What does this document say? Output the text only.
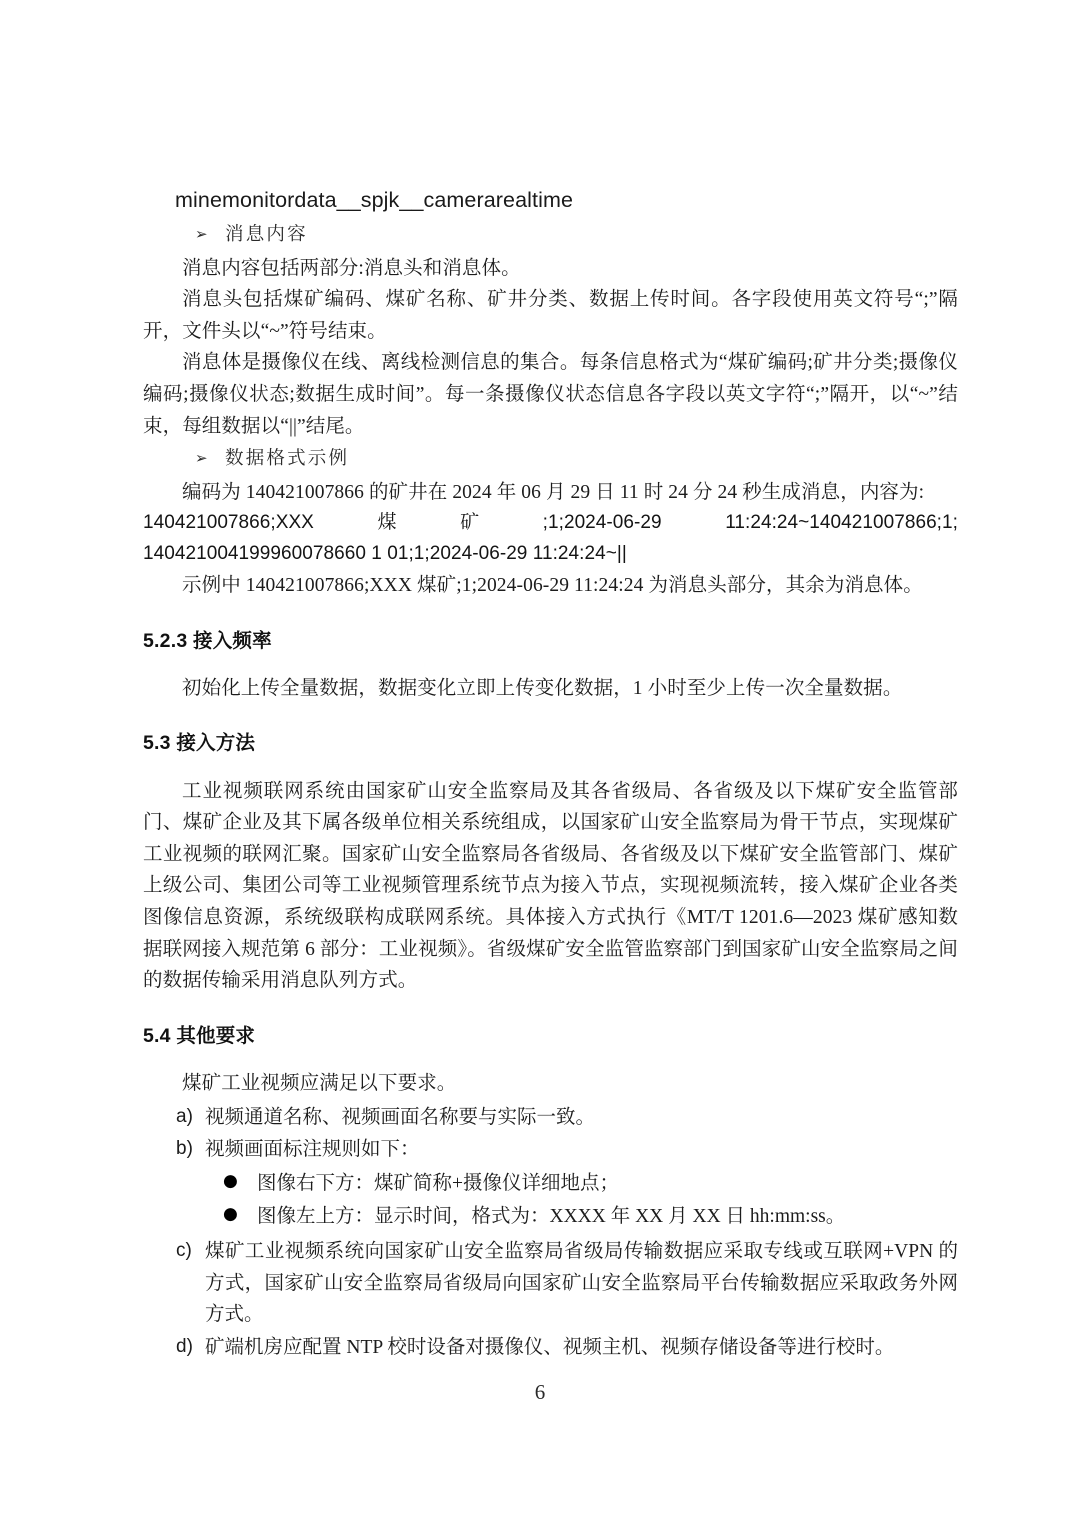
minemonitordata__spjk__camerarealtime
➢ 消息内容

消息内容包括两部分:消息头和消息体。

消息头包括煤矿编码、煤矿名称、矿井分类、数据上传时间。各字段使用英文符号“;”隔开，文件头以“~”符号结束。

消息体是摄像仪在线、离线检测信息的集合。每条信息格式为“煤矿编码;矿井分类;摄像仪编码;摄像仪状态;数据生成时间”。每一条摄像仪状态信息各字段以英文字符“;”隔开，以“~”结束，每组数据以“||”结尾。

➢ 数据格式示例

编码为 140421007866 的矿井在 2024 年 06 月 29 日 11 时 24 分 24 秒生成消息，内容为:

140421007866;XXX	煤	矿	;1;2024-06-29	11:24:24~140421007866;1;
140421004199960078660 1 01;1;2024-06-29 11:24:24~||

示例中 140421007866;XXX 煤矿;1;2024-06-29 11:24:24 为消息头部分，其余为消息体。

5.2.3 接入频率

初始化上传全量数据，数据变化立即上传变化数据，1 小时至少上传一次全量数据。

5.3 接入方法

工业视频联网系统由国家矿山安全监察局及其各省级局、各省级及以下煤矿安全监管部门、煤矿企业及其下属各级单位相关系统组成，以国家矿山安全监察局为骨干节点，实现煤矿工业视频的联网汇聚。国家矿山安全监察局各省级局、各省级及以下煤矿安全监管部门、煤矿上级公司、集团公司等工业视频管理系统节点为接入节点，实现视频流转，接入煤矿企业各类图像信息资源，系统级联构成联网系统。具体接入方式执行《MT/T 1201.6—2023 煤矿感知数据联网接入规范第 6 部分：工业视频》。省级煤矿安全监管监察部门到国家矿山安全监察局之间的数据传输采用消息队列方式。

5.4 其他要求

煤矿工业视频应满足以下要求。

a) 视频通道名称、视频画面名称要与实际一致。
b) 视频画面标注规则如下：
● 图像右下方：煤矿简称+摄像仪详细地点；
● 图像左上方：显示时间，格式为：XXXX 年 XX 月 XX 日 hh:mm:ss。
c) 煤矿工业视频系统向国家矿山安全监察局省级局传输数据应采取专线或互联网+VPN 的方式，国家矿山安全监察局省级局向国家矿山安全监察局平台传输数据应采取政务外网方式。
d) 矿端机房应配置 NTP 校时设备对摄像仪、视频主机、视频存储设备等进行校时。
6
